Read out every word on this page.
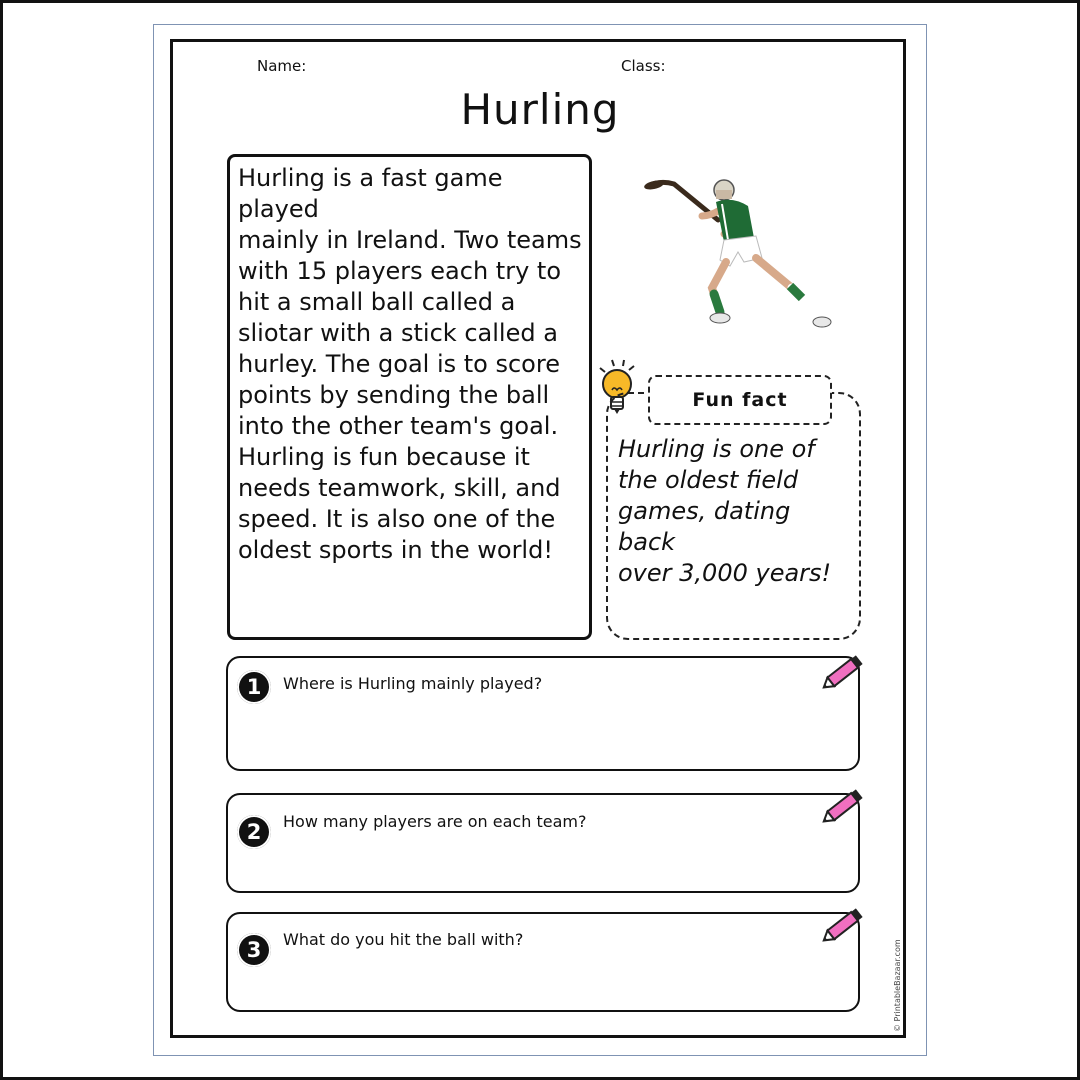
Name:	Class:
Hurling
Hurling is a fast game played
mainly in Ireland. Two teams
with 15 players each try to
hit a small ball called a
sliotar with a stick called a
hurley. The goal is to score
points by sending the ball
into the other team's goal.
Hurling is fun because it
needs teamwork, skill, and
speed. It is also one of the
oldest sports in the world!
Fun fact
Hurling is one of
the oldest field
games, dating back
over 3,000 years!
1	Where is Hurling mainly played?
2	How many players are on each team?
3	What do you hit the ball with?	© PrintableBazaar.com
